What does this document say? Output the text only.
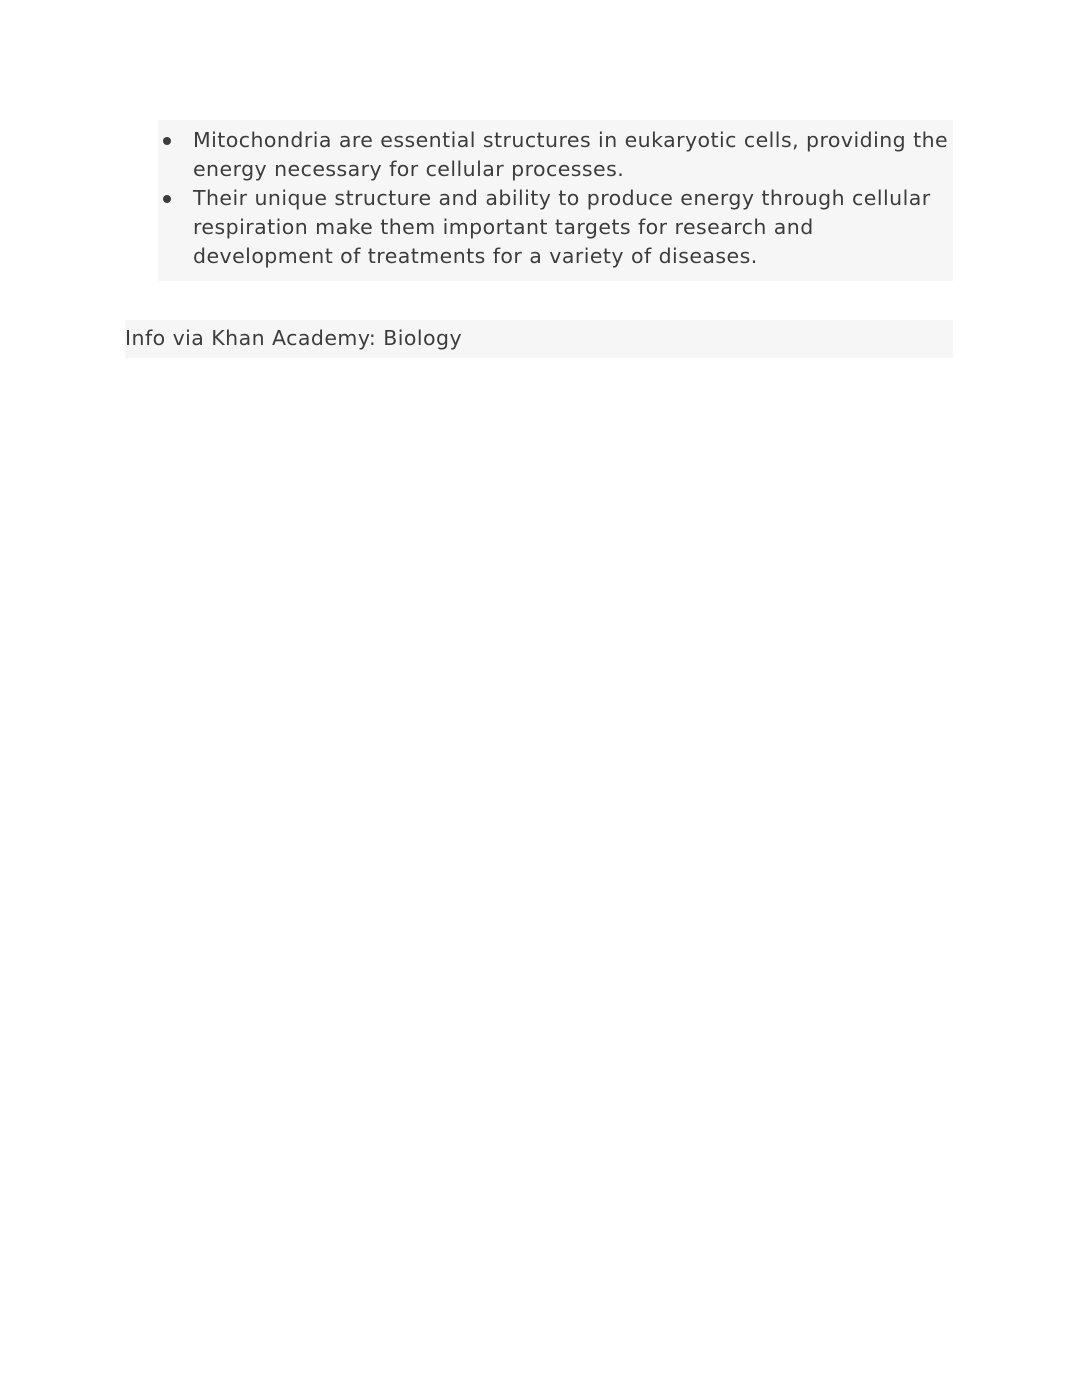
Mitochondria are essential structures in eukaryotic cells, providing the energy necessary for cellular processes.
Their unique structure and ability to produce energy through cellular respiration make them important targets for research and development of treatments for a variety of diseases.
Info via Khan Academy: Biology
